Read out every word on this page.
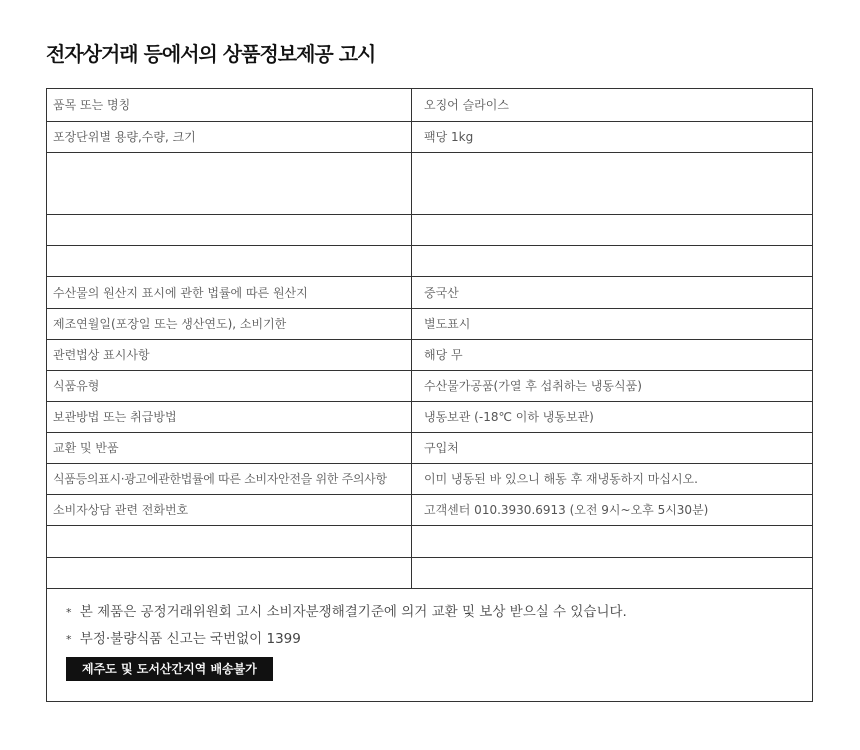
전자상거래 등에서의 상품정보제공 고시
품목 또는 명칭	오징어 슬라이스
포장단위별 용량,수량, 크기	팩당 1kg

수산물의 원산지 표시에 관한 법률에 따른 원산지	중국산
제조연월일(포장일 또는 생산연도), 소비기한	별도표시
관련법상 표시사항	해당 무
식품유형	수산물가공품(가열 후 섭취하는 냉동식품)
보관방법 또는 취급방법	냉동보관 (-18℃ 이하 냉동보관)
교환 및 반품	구입처
식품등의표시·광고에관한법률에 따른 소비자안전을 위한 주의사항	이미 냉동된 바 있으니 해동 후 재냉동하지 마십시오.
소비자상담 관련 전화번호	고객센터 010.3930.6913 (오전 9시~오후 5시30분)

* 본 제품은 공정거래위원회 고시 소비자분쟁해결기준에 의거 교환 및 보상 받으실 수 있습니다.
* 부정·불량식품 신고는 국번없이 1399
제주도 및 도서산간지역 배송불가
